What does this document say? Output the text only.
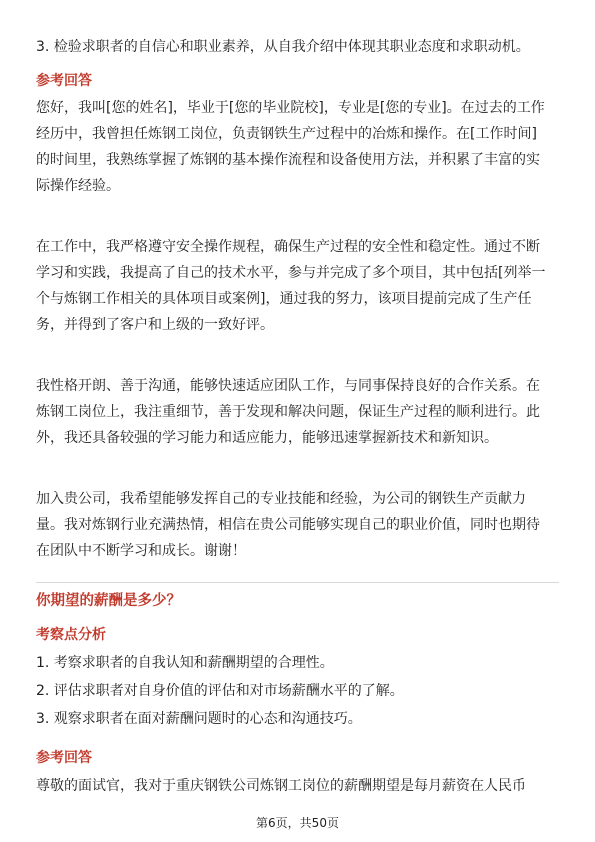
3. 检验求职者的自信心和职业素养，从自我介绍中体现其职业态度和求职动机。
参考回答
您好，我叫[您的姓名]，毕业于[您的毕业院校]，专业是[您的专业]。在过去的工作
经历中，我曾担任炼钢工岗位，负责钢铁生产过程中的冶炼和操作。在[工作时间]
的时间里，我熟练掌握了炼钢的基本操作流程和设备使用方法，并积累了丰富的实
际操作经验。
在工作中，我严格遵守安全操作规程，确保生产过程的安全性和稳定性。通过不断
学习和实践，我提高了自己的技术水平，参与并完成了多个项目，其中包括[列举一
个与炼钢工作相关的具体项目或案例]，通过我的努力，该项目提前完成了生产任
务，并得到了客户和上级的一致好评。
我性格开朗、善于沟通，能够快速适应团队工作，与同事保持良好的合作关系。在
炼钢工岗位上，我注重细节，善于发现和解决问题，保证生产过程的顺利进行。此
外，我还具备较强的学习能力和适应能力，能够迅速掌握新技术和新知识。
加入贵公司，我希望能够发挥自己的专业技能和经验，为公司的钢铁生产贡献力
量。我对炼钢行业充满热情，相信在贵公司能够实现自己的职业价值，同时也期待
在团队中不断学习和成长。谢谢！
你期望的薪酬是多少？
考察点分析
1. 考察求职者的自我认知和薪酬期望的合理性。
2. 评估求职者对自身价值的评估和对市场薪酬水平的了解。
3. 观察求职者在面对薪酬问题时的心态和沟通技巧。
参考回答
尊敬的面试官，我对于重庆钢铁公司炼钢工岗位的薪酬期望是每月薪资在人民币
第6页，共50页
